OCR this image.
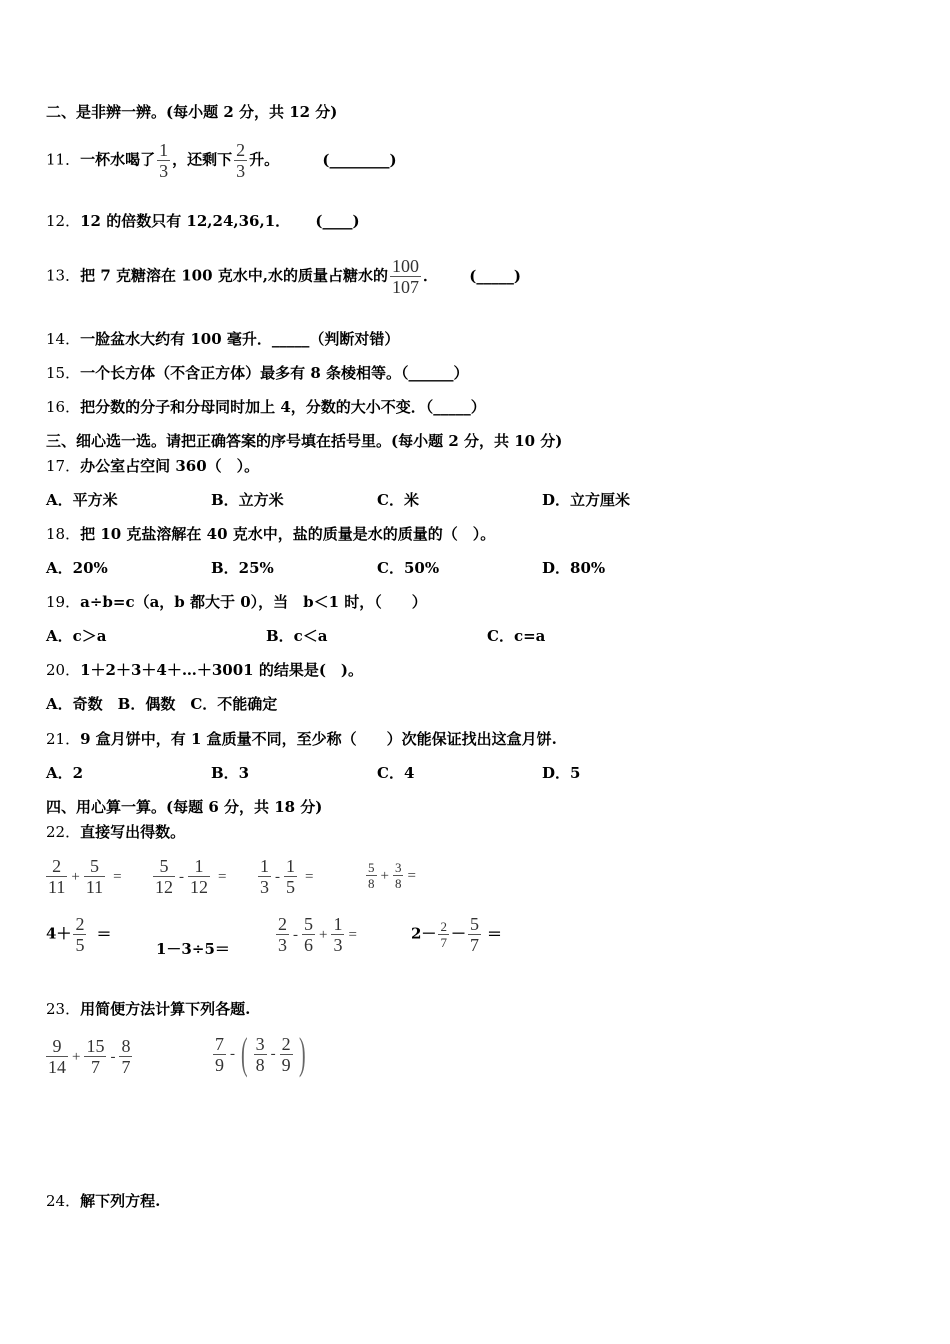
二、是非辨一辨。(每小题 2 分，共 12 分)
11．一杯水喝了 $\frac{1}{3}$ ，还剩下 $\frac{2}{3}$ 升。	(________)
12．12 的倍数只有 12,24,36,1． (____)
13．把 7 克糖溶在 100 克水中,水的质量占糖水的 $\frac{100}{107}$ ． (_____)
14．一脸盆水大约有 100 毫升．_____（判断对错）
15．一个长方体（不含正方体）最多有 8 条棱相等。（______）
16．把分数的分子和分母同时加上 4，分数的大小不变．（_____）
三、细心选一选。请把正确答案的序号填在括号里。(每小题 2 分，共 10 分)
17．办公室占空间 360（　）。
A．平方米	B．立方米	C．米	D．立方厘米
18．把 10 克盐溶解在 40 克水中，盐的质量是水的质量的（　）。
A．20%	B．25%	C．50%	D．80%
19．a÷b=c（a，b 都大于 0），当　b＜1 时，（　　）
A．c＞a	B．c＜a	C．c=a
20．1＋2＋3＋4＋…＋3001 的结果是(　)。
A．奇数　B．偶数　C．不能确定
21．9 盒月饼中，有 1 盒质量不同，至少称（　　）次能保证找出这盒月饼.
A．2	B．3	C．4	D．5
四、用心算一算。(每题 6 分，共 18 分)
22．直接写出得数。
$\frac{2}{11} + \frac{5}{11} = \frac{5}{12} - \frac{1}{12} = \frac{1}{3} - \frac{1}{5}$ =	$\frac{5}{8} + \frac{3}{8}$ =
$4+ \frac{2}{5}$ ＝
1－3÷5＝	$\frac{2}{3} - \frac{5}{6} + \frac{1}{3}$ =	$2- \frac{2}{7} - \frac{5}{7}$ ＝
23．用简便方法计算下列各题.
$\frac{9}{14} + \frac{15}{7} - \frac{8}{7}$	$\frac{7}{9}$ - ( $\frac{3}{8} - \frac{2}{9}$ )
24．解下列方程.
